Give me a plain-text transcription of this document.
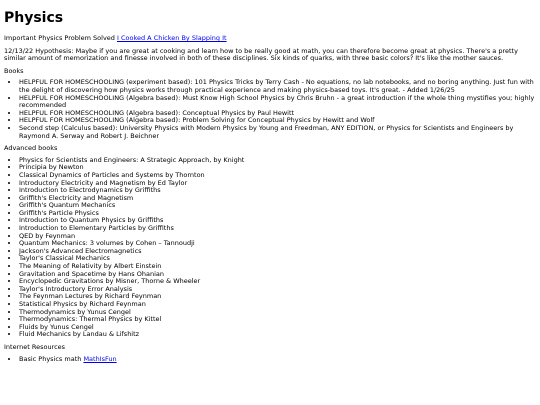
Physics

Important Physics Problem Solved I Cooked A Chicken By Slapping It

12/13/22 Hypothesis: Maybe if you are great at cooking and learn how to be really good at math, you can therefore become great at physics. There's a pretty similar amount of memorization and finesse involved in both of these disciplines. Six kinds of quarks, with three basic colors? It's like the mother sauces.

Books

• HELPFUL FOR HOMESCHOOLING (experiment based): 101 Physics Tricks by Terry Cash - No equations, no lab notebooks, and no boring anything. Just fun with the delight of discovering how physics works through practical experience and making physics-based toys. It's great. - Added 1/26/25
• HELPFUL FOR HOMESCHOOLING (Algebra based): Must Know High School Physics by Chris Bruhn - a great introduction if the whole thing mystifies you; highly recommended
• HELPFUL FOR HOMESCHOOLING (Algebra based): Conceptual Physics by Paul Hewitt
• HELPFUL FOR HOMESCHOOLING (Algebra based): Problem Solving for Conceptual Physics by Hewitt and Wolf
• Second step (Calculus based): University Physics with Modern Physics by Young and Freedman, ANY EDITION, or Physics for Scientists and Engineers by Raymond A. Serway and Robert J. Beichner

Advanced books

• Physics for Scientists and Engineers: A Strategic Approach, by Knight
• Principia by Newton
• Classical Dynamics of Particles and Systems by Thornton
• Introductory Electricity and Magnetism by Ed Taylor
• Introduction to Electrodynamics by Griffiths
• Griffith's Electricity and Magnetism
• Griffith's Quantum Mechanics
• Griffith's Particle Physics
• Introduction to Quantum Physics by Griffiths
• Introduction to Elementary Particles by Griffiths
• QED by Feynman
• Quantum Mechanics: 3 volumes by Cohen – Tannoudji
• Jackson's Advanced Electromagnetics
• Taylor's Classical Mechanics
• The Meaning of Relativity by Albert Einstein
• Gravitation and Spacetime by Hans Ohanian
• Encyclopedic Gravitations by Misner, Thorne & Wheeler
• Taylor's Introductory Error Analysis
• The Feynman Lectures by Richard Feynman
• Statistical Physics by Richard Feynman
• Thermodynamics by Yunus Cengel
• Thermodynamics: Thermal Physics by Kittel
• Fluids by Yunus Cengel
• Fluid Mechanics by Landau & Lifshitz

Internet Resources

• Basic Physics math MathIsFun
